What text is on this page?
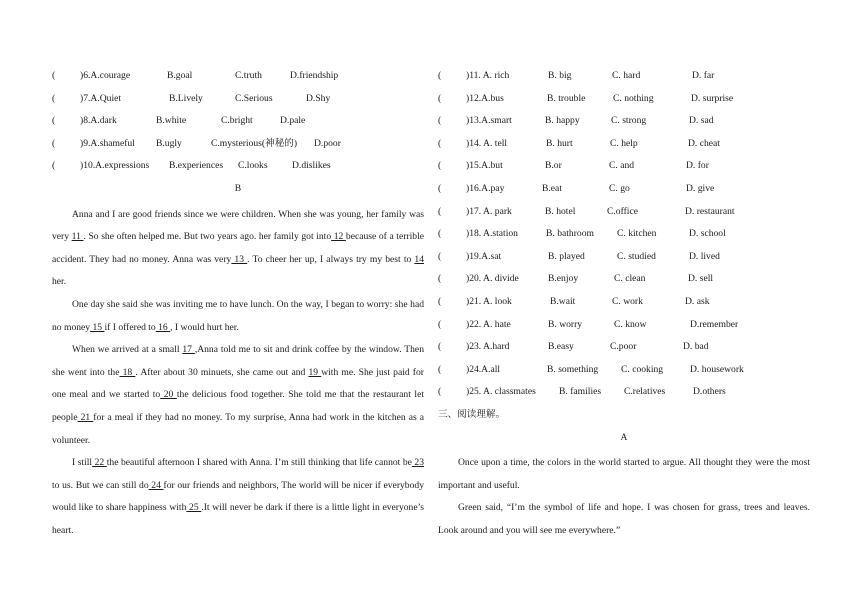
(	)6.A.courage	B.goal	C.truth	D.friendship
(	)7.A.Quiet	B.Lively	C.Serious	D.Shy
(	)8.A.dark	B.white	C.bright	D.pale
(	)9.A.shameful B.ugly	C.mysterious(神秘的) D.poor
(	)10.A.expressions B.experiences C.looks	D.dislikes
B

Anna and I are good friends since we were children. When she was young, her family was very 11 . So she often helped me. But two years ago. her family got into 12 because of a terrible accident. They had no money. Anna was very 13 . To cheer her up, I always try my best to 14 her.

One day she said she was inviting me to have lunch. On the way, I began to worry: she had no money 15 if I offered to 16 , I would hurt her.

When we arrived at a small 17 ,Anna told me to sit and drink coffee by the window. Then she went into the 18 . After about 30 minuets, she came out and 19 with me. She just paid for one meal and we started to 20 the delicious food together. She told me that the restaurant let people 21 for a meal if they had no money. To my surprise, Anna had work in the kitchen as a volunteer.

I still 22 the beautiful afternoon I shared with Anna. I’m still thinking that life cannot be 23 to us. But we can still do 24 for our friends and neighbors, The world will be nicer if everybody would like to share happiness with 25 .It will never be dark if there is a little light in everyone’s heart.

(	)11. A. rich	B. big	C. hard	D. far
(	)12.A.bus	B. trouble	C. nothing	D. surprise
(	)13.A.smart	B. happy	C. strong	D. sad
(	)14. A. tell	B. hurt	C. help	D. cheat
(	)15.A.but	B.or	C. and	D. for
(	)16.A.pay	B.eat	C. go	D. give
(	)17. A. park	B. hotel	C.office	D. restaurant
(	)18. A.station	B. bathroom C. kitchen	D. school
(	)19.A.sat	B. played	C. studied	D. lived
(	)20. A. divide	B.enjoy	C. clean	D. sell
(	)21. A. look	B.wait	C. work	D. ask
(	)22. A. hate	B. worry	C. know	D.remember
(	)23. A.hard	B.easy	C.poor	D. bad
(	)24.A.all	B. something C. cooking	D. housework
(	)25. A. classmates B. families C.relatives	D.others
三、阅读理解。
A

Once upon a time, the colors in the world started to argue. All thought they were the most important and useful.

Green said, “I’m the symbol of life and hope. I was chosen for grass, trees and leaves. Look around and you will see me everywhere.”
